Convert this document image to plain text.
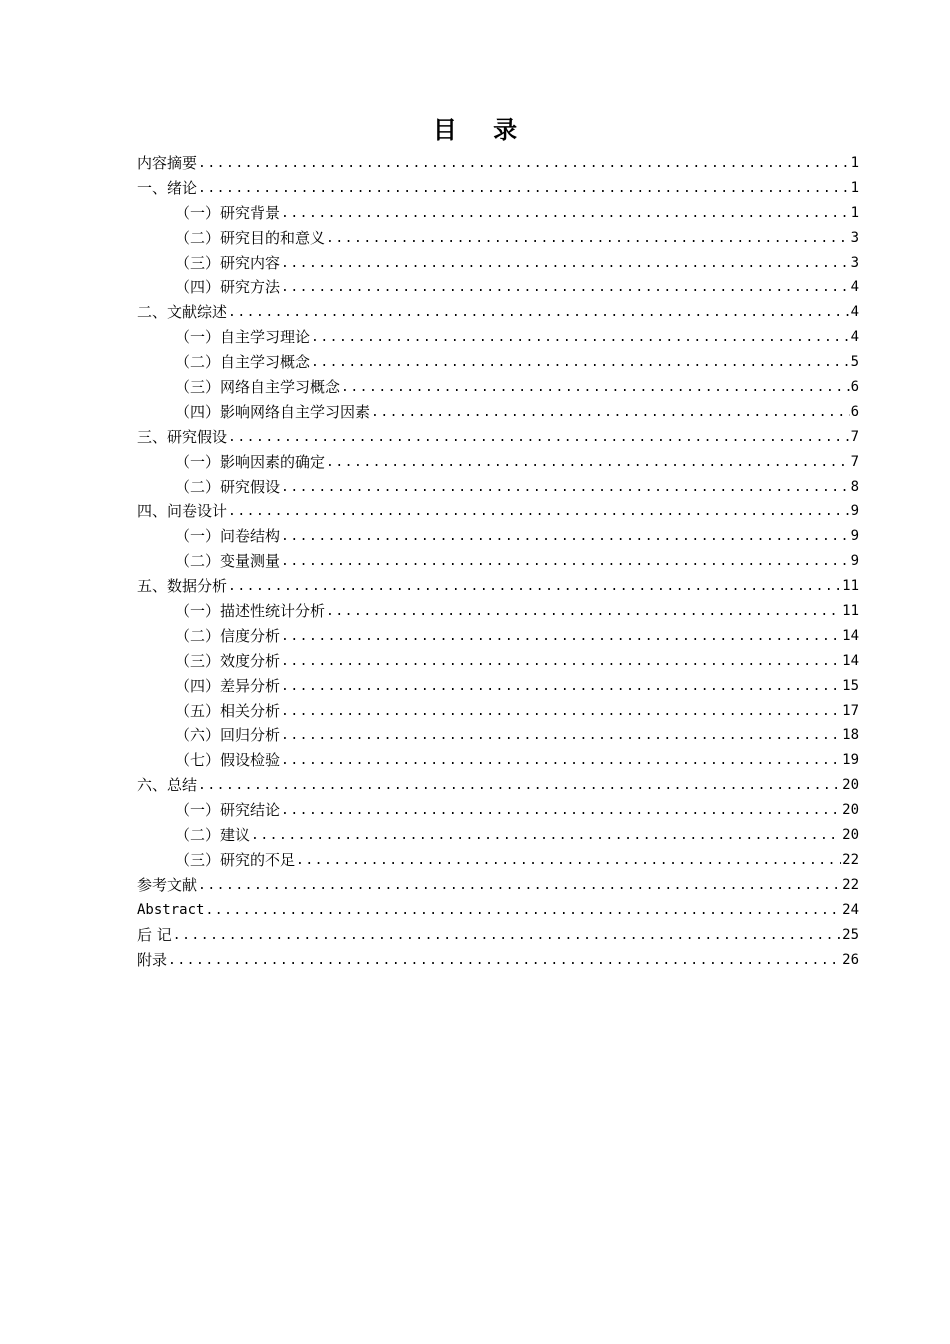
目 录
内容摘要 .....	1
一、绪论 .....	1
（一）研究背景 .....	1
（二）研究目的和意义 .....	3
（三）研究内容 .....	3
（四）研究方法 .....	4
二、文献综述 .....	4
（一）自主学习理论 .....	4
（二）自主学习概念 .....	5
（三）网络自主学习概念 .....	6
（四）影响网络自主学习因素 .....	6
三、研究假设 .....	7
（一）影响因素的确定 .....	7
（二）研究假设 .....	8
四、问卷设计 .....	9
（一）问卷结构 .....	9
（二）变量测量 .....	9
五、数据分析 .....	11
（一）描述性统计分析 .....	11
（二）信度分析 .....	14
（三）效度分析 .....	14
（四）差异分析 .....	15
（五）相关分析 .....	17
（六）回归分析 .....	18
（七）假设检验 .....	19
六、总结 .....	20
（一）研究结论 .....	20
（二）建议 .....	20
（三）研究的不足 .....	22
参考文献 .....	22
Abstract .....	24
后 记 .....	25
附录 .....	26
